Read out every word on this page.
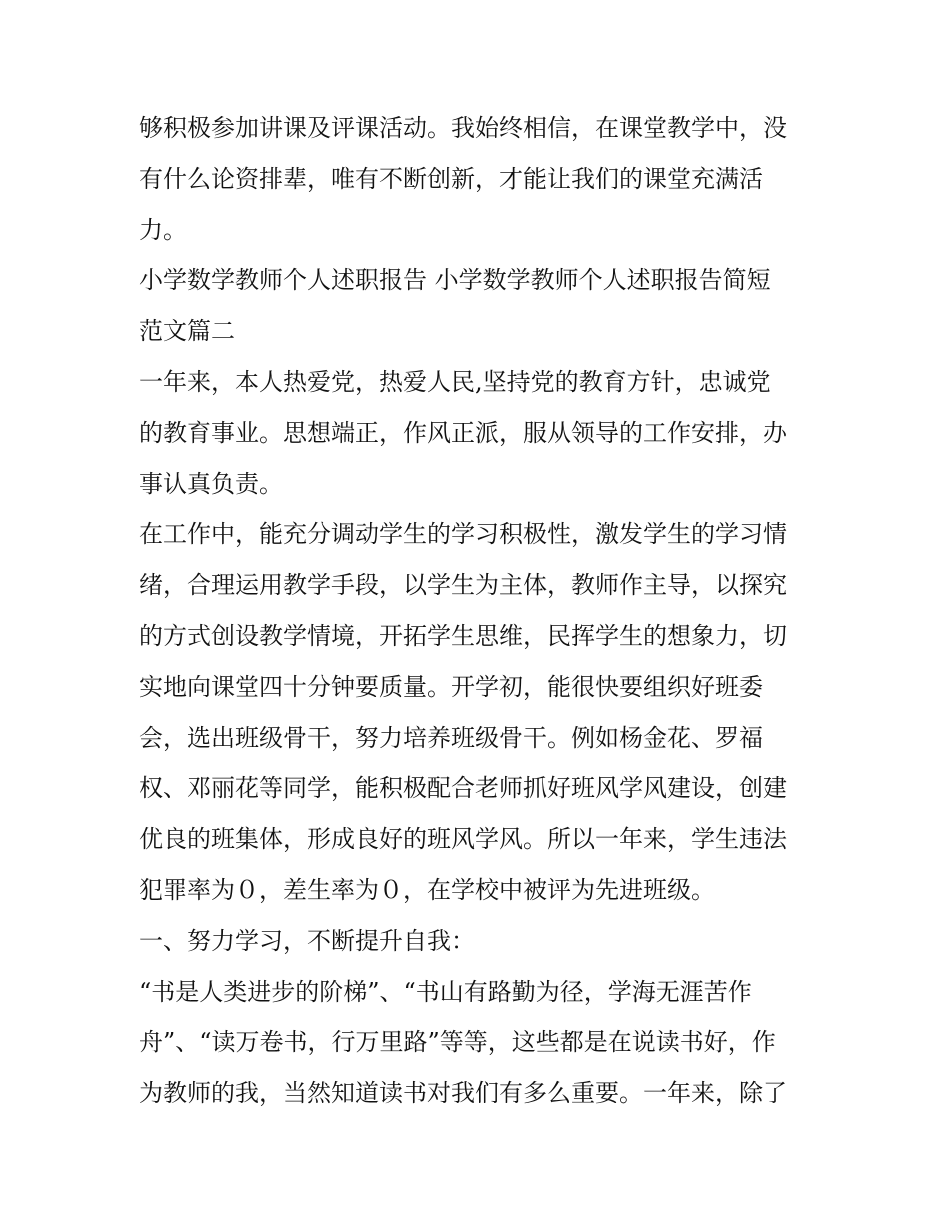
够积极参加讲课及评课活动。我始终相信，在课堂教学中，没
有什么论资排辈，唯有不断创新，才能让我们的课堂充满活
力。
小学数学教师个人述职报告 小学数学教师个人述职报告简短
范文篇二
一年来，本人热爱党，热爱人民,坚持党的教育方针，忠诚党
的教育事业。思想端正，作风正派，服从领导的工作安排，办
事认真负责。
在工作中，能充分调动学生的学习积极性，激发学生的学习情
绪，合理运用教学手段，以学生为主体，教师作主导，以探究
的方式创设教学情境，开拓学生思维，民挥学生的想象力，切
实地向课堂四十分钟要质量。开学初，能很快要组织好班委
会，选出班级骨干，努力培养班级骨干。例如杨金花、罗福
权、邓丽花等同学，能积极配合老师抓好班风学风建设，创建
优良的班集体，形成良好的班风学风。所以一年来，学生违法
犯罪率为０，差生率为０，在学校中被评为先进班级。
一、努力学习，不断提升自我：
“书是人类进步的阶梯”、“书山有路勤为径，学海无涯苦作
舟”、“读万卷书，行万里路”等等，这些都是在说读书好，作
为教师的我，当然知道读书对我们有多么重要。一年来，除了
